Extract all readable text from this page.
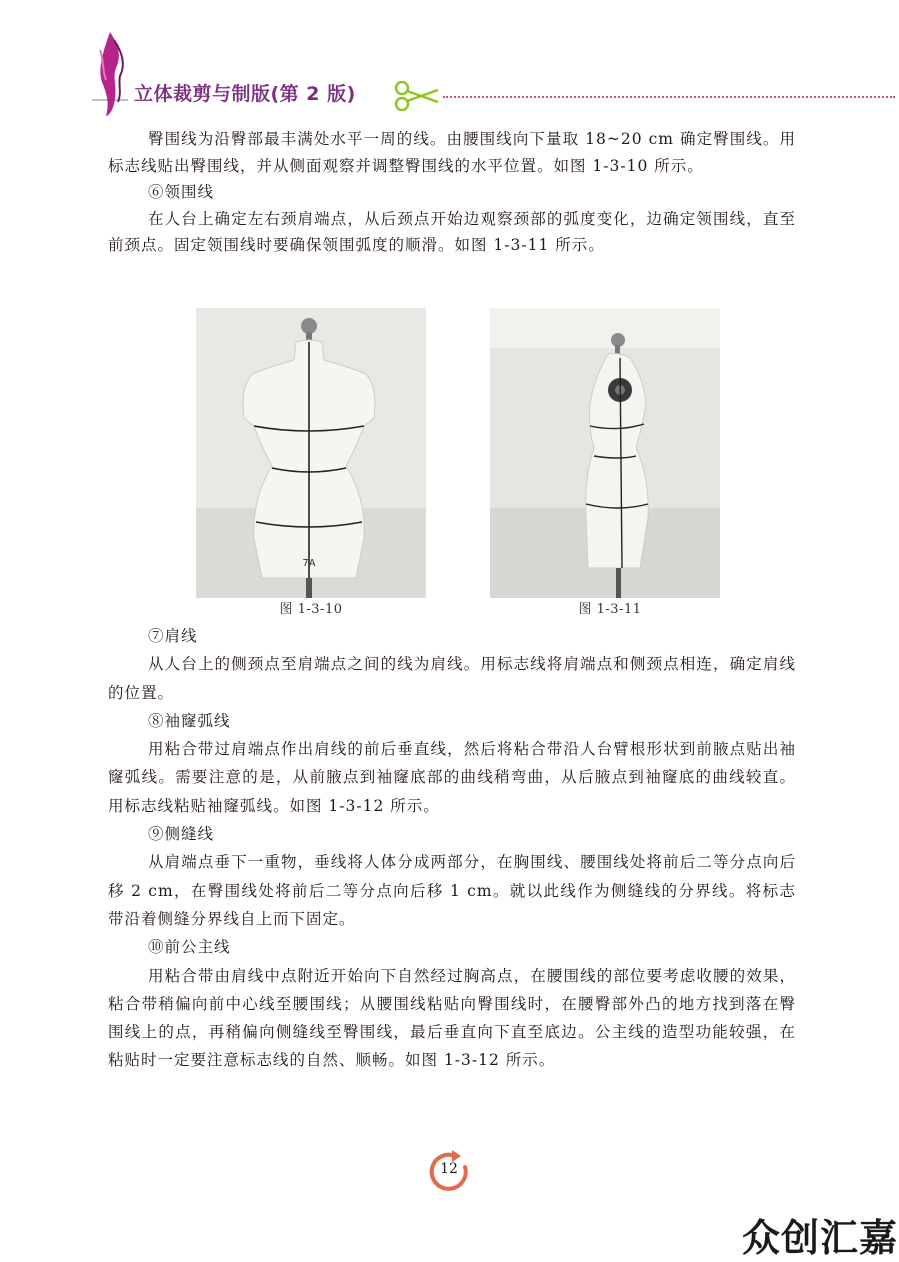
立体裁剪与制版(第 2 版)

臀围线为沿臀部最丰满处水平一周的线。由腰围线向下量取 18~20 cm 确定臀围线。用标志线贴出臀围线，并从侧面观察并调整臀围线的水平位置。如图 1-3-10 所示。

⑥领围线

在人台上确定左右颈肩端点，从后颈点开始边观察颈部的弧度变化，边确定领围线，直至前颈点。固定领围线时要确保领围弧度的顺滑。如图 1-3-11 所示。

7A
图 1-3-10	图 1-3-11

⑦肩线

从人台上的侧颈点至肩端点之间的线为肩线。用标志线将肩端点和侧颈点相连，确定肩线的位置。

⑧袖窿弧线

用粘合带过肩端点作出肩线的前后垂直线，然后将粘合带沿人台臂根形状到前腋点贴出袖窿弧线。需要注意的是，从前腋点到袖窿底部的曲线稍弯曲，从后腋点到袖窿底的曲线较直。用标志线粘贴袖窿弧线。如图 1-3-12 所示。

⑨侧缝线

从肩端点垂下一重物，垂线将人体分成两部分，在胸围线、腰围线处将前后二等分点向后移 2 cm，在臀围线处将前后二等分点向后移 1 cm。就以此线作为侧缝线的分界线。将标志带沿着侧缝分界线自上而下固定。

⑩前公主线

用粘合带由肩线中点附近开始向下自然经过胸高点，在腰围线的部位要考虑收腰的效果，粘合带稍偏向前中心线至腰围线；从腰围线粘贴向臀围线时，在腰臀部外凸的地方找到落在臀围线上的点，再稍偏向侧缝线至臀围线，最后垂直向下直至底边。公主线的造型功能较强，在粘贴时一定要注意标志线的自然、顺畅。如图 1-3-12 所示。

12
众创汇嘉
